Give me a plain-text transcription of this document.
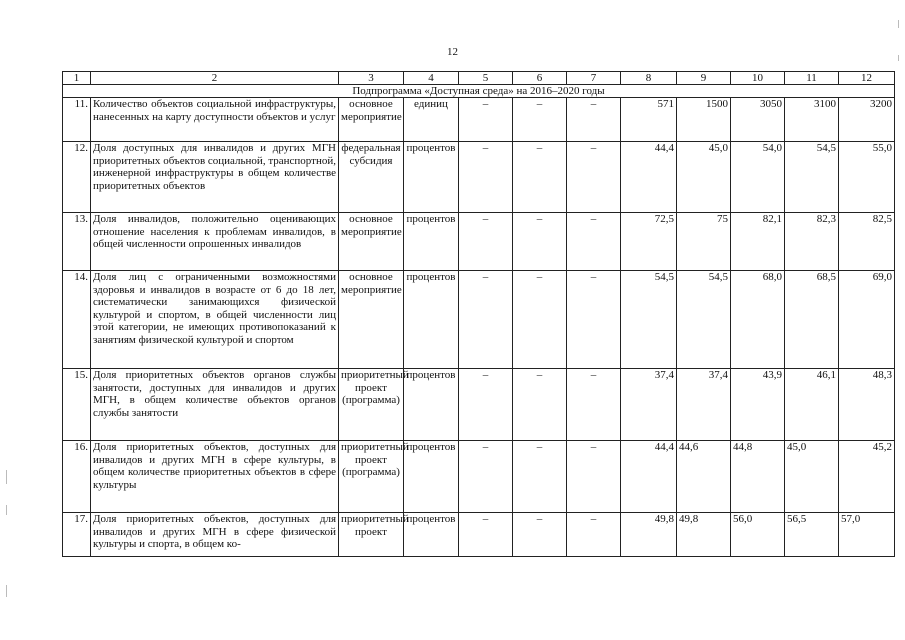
12
1	2	3	4	5	6	7	8	9	10	11	12
Подпрограмма «Доступная среда» на 2016–2020 годы											
11.	Количество объектов социальной инфраструктуры, нанесенных на карту доступности объектов и услуг	основное мероприятие	единиц	–	–	–	571	1500	3050	3100	3200
12.	Доля доступных для инвалидов и других МГН приоритетных объектов социальной, транспортной, инженерной инфраструктуры в общем количестве приоритетных объектов	федеральная субсидия	процентов	–	–	–	44,4	45,0	54,0	54,5	55,0
13.	Доля инвалидов, положительно оценивающих отношение населения к проблемам инвалидов, в общей численности опрошенных инвалидов	основное мероприятие	процентов	–	–	–	72,5	75	82,1	82,3	82,5
14.	Доля лиц с ограниченными возможностями здоровья и инвалидов в возрасте от 6 до 18 лет, систематически занимающихся физической культурой и спортом, в общей численности лиц этой категории, не имеющих противопоказаний к занятиям физической культурой и спортом	основное мероприятие	процентов	–	–	–	54,5	54,5	68,0	68,5	69,0
15.	Доля приоритетных объектов органов службы занятости, доступных для инвалидов и других МГН, в общем количестве объектов органов службы занятости	приоритетный проект (программа)	процентов	–	–	–	37,4	37,4	43,9	46,1	48,3
16.	Доля приоритетных объектов, доступных для инвалидов и других МГН в сфере культуры, в общем количестве приоритетных объектов в сфере культуры	приоритетный проект (программа)	процентов	–	–	–	44,4	44,6	44,8	45,0	45,2
17.	Доля приоритетных объектов, доступных для инвалидов и других МГН в сфере физической культуры и спорта, в общем ко-	приоритетный проект	процентов	–	–	–	49,8	49,8	56,0	56,5	57,0
